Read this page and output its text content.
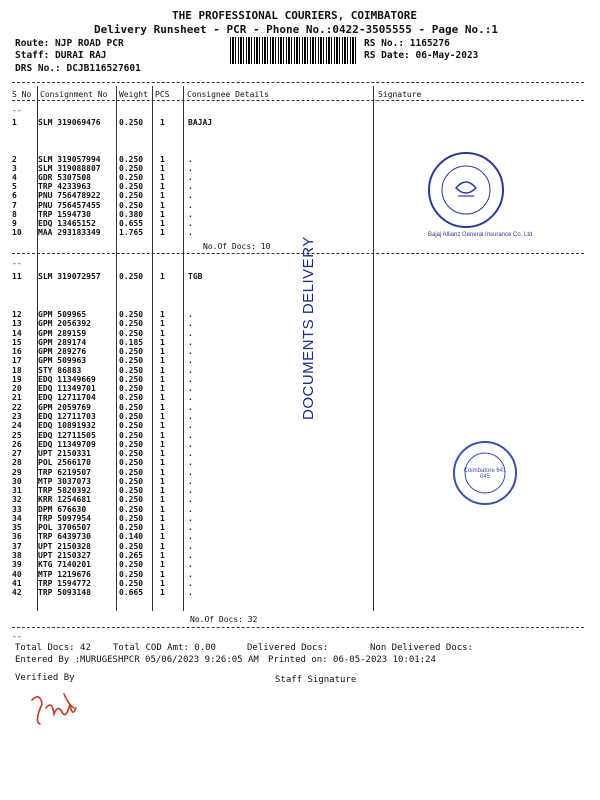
THE PROFESSIONAL COURIERS, COIMBATORE
Delivery Runsheet - PCR - Phone No.:0422-3505555 - Page No.:1
Route: NJP ROAD PCR
Staff: DURAI RAJ
DRS No.: DCJB116527601
RS No.: 1165276
RS Date: 06-May-2023
S No Consignment No Weight PCS Consignee Details	Signature
--
1	SLM 319069476 0.250 1	BAJAJ
2	SLM 319057994 0.250 1	.
3	SLM 319088807 0.250 1	.
4	GDR 5307508	0.250 1	.
5	TRP 4233963	0.250 1	.
6	PNU 756478922 0.250 1	.
7	PNU 756457455 0.250 1	.
8	TRP 1594730	0.380 1	.
9	EDQ 13465152	0.655 1	.
10 MAA 293183349 1.765 1	.
No.Of Docs: 10
--
11 SLM 319072957 0.250 1	TGB
12 GPM 509965	0.250 1	.
13 GPM 2056392	0.250 1	.
14 GPM 289159	0.250 1	.
15 GPM 289174	0.185 1	.
16 GPM 289276	0.250 1	.
17 GPM 509963	0.250 1	.
18 STY 86883	0.250 1	.
19 EDQ 11349669	0.250 1	.
20 EDQ 11349701	0.250 1	.
21 EDQ 12711704	0.250 1	.
22 GPM 2059769	0.250 1	.
23 EDQ 12711703	0.250 1	.
24 EDQ 10891932	0.250 1	.
25 EDQ 12711505	0.250 1	.
26 EDQ 11349709	0.250 1	.
27 UPT 2150331	0.250 1	.
28 POL 2566170	0.250 1	.
29 TRP 6219507	0.250 1	.
30 MTP 3037073	0.250 1	.
31 TRP 5820392	0.250 1	.
32 KRR 1254681	0.250 1	.
33 DPM 676630	0.250 1	.
34 TRP 5097954	0.250 1	.
35 POL 3706507	0.250 1	.
36 TRP 6439730	0.140 1	.
37 UPT 2150328	0.250 1	.
38 UPT 2150327	0.265 1	.
39 KTG 7140201	0.250 1	.
40 MTP 1219676	0.250 1	.
41 TRP 1594772	0.250 1	.
42 TRP 5093148	0.665 1	.
No.Of Docs: 32
--
DOCUMENTS DELIVERY
Bajaj Allianz General Insurance Co. Ltd
Coimbatore 641 045
Total Docs: 42 Total COD Amt: 0.00	Delivered Docs:	Non Delivered Docs:
Entered By :MURUGESHPCR 05/06/2023 9:26:05 AM Printed on: 06-05-2023 10:01:24
Verified By	Staff Signature
